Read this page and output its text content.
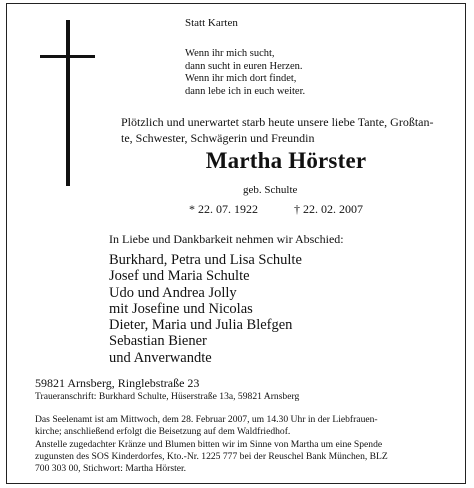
Statt Karten
Wenn ihr mich sucht,
dann sucht in euren Herzen.
Wenn ihr mich dort findet,
dann lebe ich in euch weiter.
Plötzlich und unerwartet starb heute unsere liebe Tante, Großtan-
te, Schwester, Schwägerin und Freundin
Martha Hörster
geb. Schulte
* 22. 07. 1922	† 22. 02. 2007
In Liebe und Dankbarkeit nehmen wir Abschied:
Burkhard, Petra und Lisa Schulte
Josef und Maria Schulte
Udo und Andrea Jolly
mit Josefine und Nicolas
Dieter, Maria und Julia Blefgen
Sebastian Biener
und Anverwandte
59821 Arnsberg, Ringlebstraße 23
Traueranschrift: Burkhard Schulte, Hüserstraße 13a, 59821 Arnsberg
Das Seelenamt ist am Mittwoch, dem 28. Februar 2007, um 14.30 Uhr in der Liebfrauen-
kirche; anschließend erfolgt die Beisetzung auf dem Waldfriedhof.
Anstelle zugedachter Kränze und Blumen bitten wir im Sinne von Martha um eine Spende
zugunsten des SOS Kinderdorfes, Kto.-Nr. 1225 777 bei der Reuschel Bank München, BLZ
700 303 00, Stichwort: Martha Hörster.
